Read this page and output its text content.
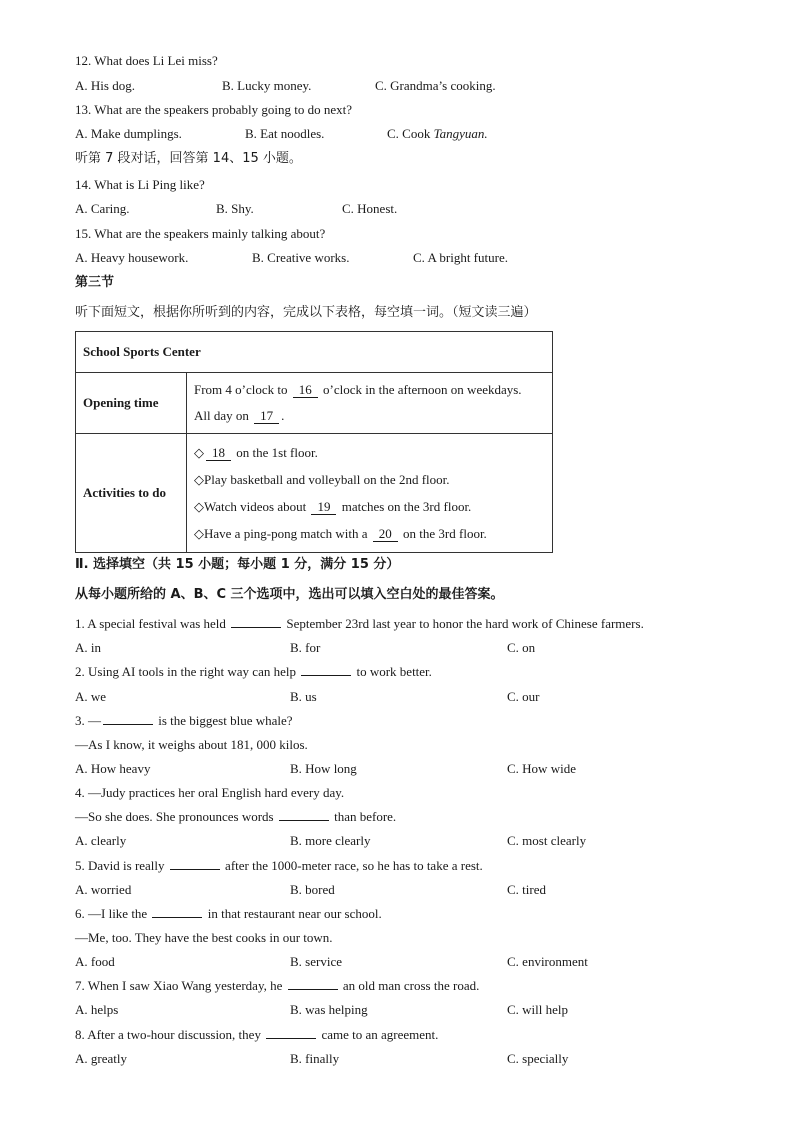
12. What does Li Lei miss?
A. His dog.	B. Lucky money.	C. Grandma’s cooking.
13. What are the speakers probably going to do next?
A. Make dumplings.	B. Eat noodles.	C. Cook Tangyuan.
听第 7 段对话，回答第 14、15 小题。
14. What is Li Ping like?
A. Caring.	B. Shy.	C. Honest.
15. What are the speakers mainly talking about?
A. Heavy housework.	B. Creative works.	C. A bright future.
第三节
听下面短文，根据你所听到的内容，完成以下表格，每空填一词。（短文读三遍）
School Sports Center	
Opening time	From 4 o’clock to 16 o’clock in the afternoon on weekdays.
All day on 17 .

Activities to do	◇ 18 on the 1st floor.
◇Play basketball and volleyball on the 2nd floor.
◇Watch videos about 19 matches on the 3rd floor.
◇Have a ping-pong match with a 20 on the 3rd floor.
Ⅱ. 选择填空（共 15 小题；每小题 1 分，满分 15 分）
从每小题所给的 A、B、C 三个选项中，选出可以填入空白处的最佳答案。
1. A special festival was held	September 23rd last year to honor the hard work of Chinese farmers.
A. in	B. for	C. on
2. Using AI tools in the right way can help	to work better.
A. we	B. us	C. our
3. —	is the biggest blue whale?
—As I know, it weighs about 181, 000 kilos.
A. How heavy	B. How long	C. How wide
4. —Judy practices her oral English hard every day.
—So she does. She pronounces words	than before.
A. clearly	B. more clearly	C. most clearly
5. David is really	after the 1000-meter race, so he has to take a rest.
A. worried	B. bored	C. tired
6. —I like the	in that restaurant near our school.
—Me, too. They have the best cooks in our town.
A. food	B. service	C. environment
7. When I saw Xiao Wang yesterday, he	an old man cross the road.
A. helps	B. was helping	C. will help
8. After a two-hour discussion, they	came to an agreement.
A. greatly	B. finally	C. specially
